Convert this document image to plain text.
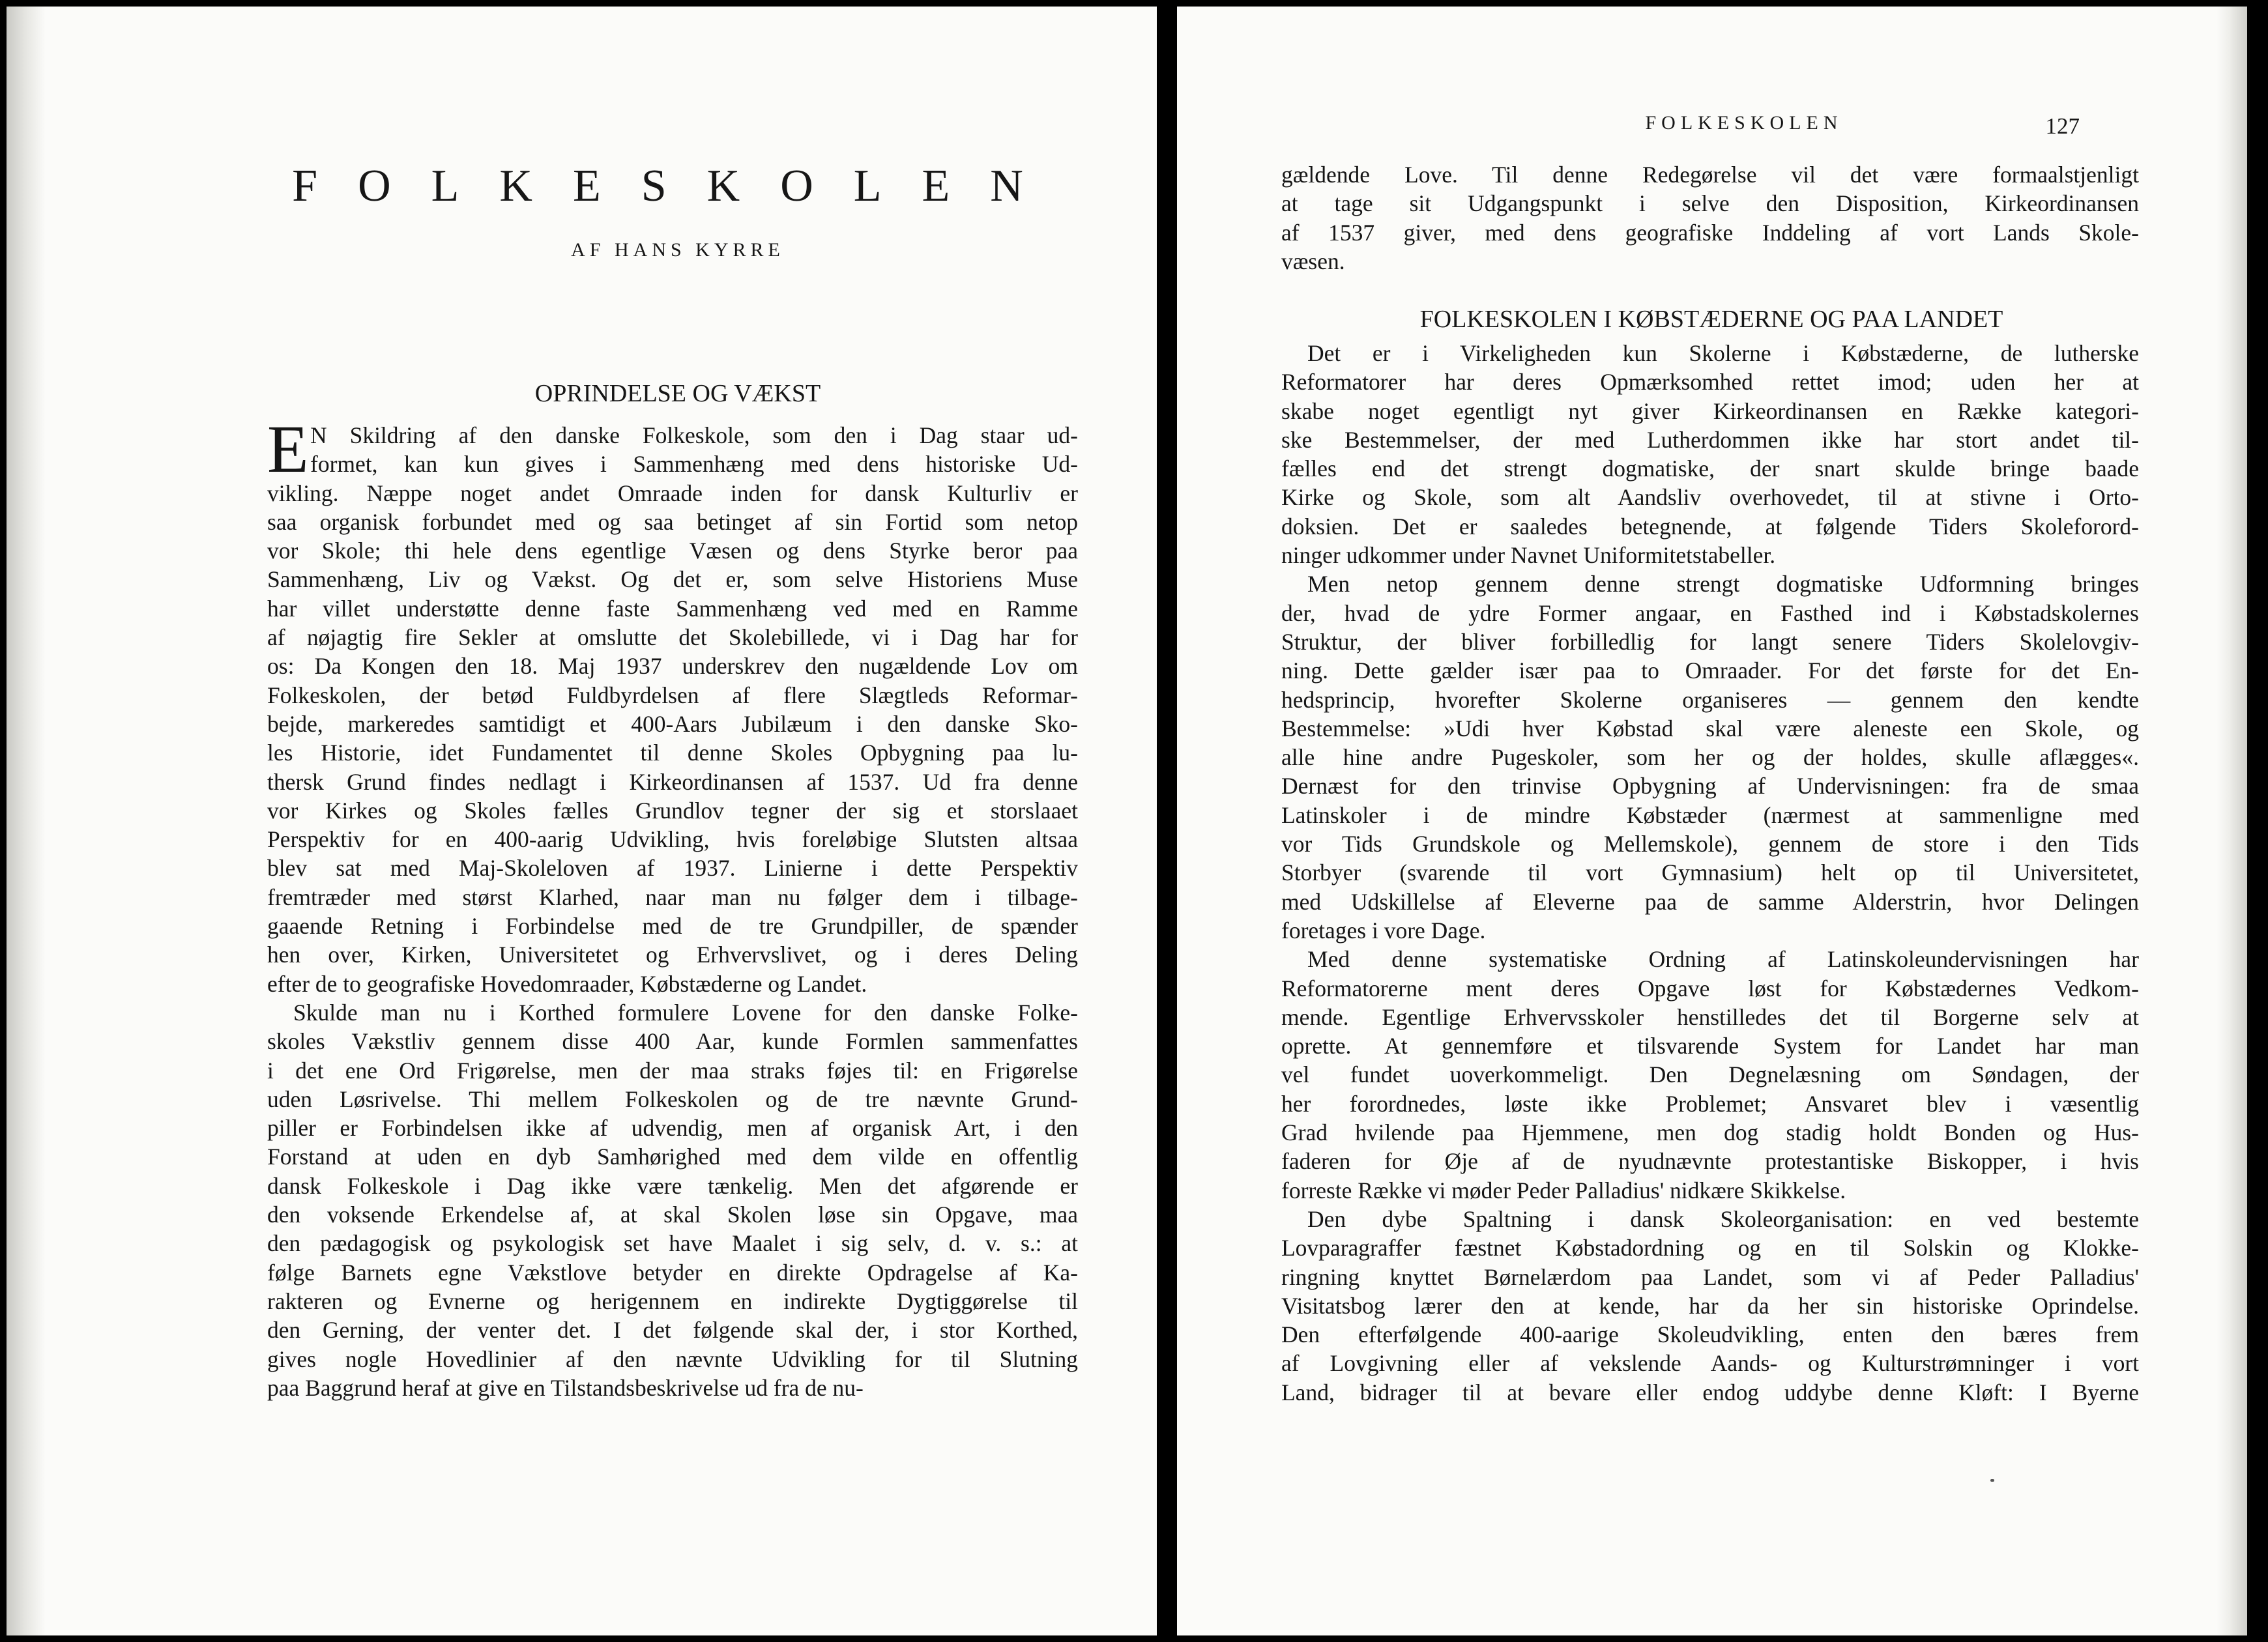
FOLKESKOLEN
AF HANS KYRRE
OPRINDELSE OG VÆKST
E N Skildring af den danske Folkeskole, som den i Dag staar ud-
formet, kan kun gives i Sammenhæng med dens historiske Ud-
vikling. Næppe noget andet Omraade inden for dansk Kulturliv er
saa organisk forbundet med og saa betinget af sin Fortid som netop
vor Skole; thi hele dens egentlige Væsen og dens Styrke beror paa
Sammenhæng, Liv og Vækst. Og det er, som selve Historiens Muse
har villet understøtte denne faste Sammenhæng ved med en Ramme
af nøjagtig fire Sekler at omslutte det Skolebillede, vi i Dag har for
os: Da Kongen den 18. Maj 1937 underskrev den nugældende Lov om
Folkeskolen, der betød Fuldbyrdelsen af flere Slægtleds Reformar-
bejde, markeredes samtidigt et 400-Aars Jubilæum i den danske Sko-
les Historie, idet Fundamentet til denne Skoles Opbygning paa lu-
thersk Grund findes nedlagt i Kirkeordinansen af 1537. Ud fra denne
vor Kirkes og Skoles fælles Grundlov tegner der sig et storslaaet
Perspektiv for en 400-aarig Udvikling, hvis foreløbige Slutsten altsaa
blev sat med Maj-Skoleloven af 1937. Linierne i dette Perspektiv
fremtræder med størst Klarhed, naar man nu følger dem i tilbage-
gaaende Retning i Forbindelse med de tre Grundpiller, de spænder
hen over, Kirken, Universitetet og Erhvervslivet, og i deres Deling
efter de to geografiske Hovedomraader, Købstæderne og Landet.
Skulde man nu i Korthed formulere Lovene for den danske Folke-
skoles Vækstliv gennem disse 400 Aar, kunde Formlen sammenfattes
i det ene Ord Frigørelse, men der maa straks føjes til: en Frigørelse
uden Løsrivelse. Thi mellem Folkeskolen og de tre nævnte Grund-
piller er Forbindelsen ikke af udvendig, men af organisk Art, i den
Forstand at uden en dyb Samhørighed med dem vilde en offentlig
dansk Folkeskole i Dag ikke være tænkelig. Men det afgørende er
den voksende Erkendelse af, at skal Skolen løse sin Opgave, maa
den pædagogisk og psykologisk set have Maalet i sig selv, d. v. s.: at
følge Barnets egne Vækstlove betyder en direkte Opdragelse af Ka-
rakteren og Evnerne og herigennem en indirekte Dygtiggørelse til
den Gerning, der venter det. I det følgende skal der, i stor Korthed,
gives nogle Hovedlinier af den nævnte Udvikling for til Slutning
paa Baggrund heraf at give en Tilstandsbeskrivelse ud fra de nu-
FOLKESKOLEN	127
gældende Love. Til denne Redegørelse vil det være formaalstjenligt
at tage sit Udgangspunkt i selve den Disposition, Kirkeordinansen
af 1537 giver, med dens geografiske Inddeling af vort Lands Skole-
væsen.
FOLKESKOLEN I KØBSTÆDERNE OG PAA LANDET
Det er i Virkeligheden kun Skolerne i Købstæderne, de lutherske
Reformatorer har deres Opmærksomhed rettet imod; uden her at
skabe noget egentligt nyt giver Kirkeordinansen en Række kategori-
ske Bestemmelser, der med Lutherdommen ikke har stort andet til-
fælles end det strengt dogmatiske, der snart skulde bringe baade
Kirke og Skole, som alt Aandsliv overhovedet, til at stivne i Orto-
doksien. Det er saaledes betegnende, at følgende Tiders Skoleforord-
ninger udkommer under Navnet Uniformitetstabeller.
Men netop gennem denne strengt dogmatiske Udformning bringes
der, hvad de ydre Former angaar, en Fasthed ind i Købstadskolernes
Struktur, der bliver forbilledlig for langt senere Tiders Skolelovgiv-
ning. Dette gælder især paa to Omraader. For det første for det En-
hedsprincip, hvorefter Skolerne organiseres — gennem den kendte
Bestemmelse: »Udi hver Købstad skal være aleneste een Skole, og
alle hine andre Pugeskoler, som her og der holdes, skulle aflægges«.
Dernæst for den trinvise Opbygning af Undervisningen: fra de smaa
Latinskoler i de mindre Købstæder (nærmest at sammenligne med
vor Tids Grundskole og Mellemskole), gennem de store i den Tids
Storbyer (svarende til vort Gymnasium) helt op til Universitetet,
med Udskillelse af Eleverne paa de samme Alderstrin, hvor Delingen
foretages i vore Dage.
Med denne systematiske Ordning af Latinskoleundervisningen har
Reformatorerne ment deres Opgave løst for Købstædernes Vedkom-
mende. Egentlige Erhvervsskoler henstilledes det til Borgerne selv at
oprette. At gennemføre et tilsvarende System for Landet har man
vel fundet uoverkommeligt. Den Degnelæsning om Søndagen, der
her forordnedes, løste ikke Problemet; Ansvaret blev i væsentlig
Grad hvilende paa Hjemmene, men dog stadig holdt Bonden og Hus-
faderen for Øje af de nyudnævnte protestantiske Biskopper, i hvis
forreste Række vi møder Peder Palladius' nidkære Skikkelse.
Den dybe Spaltning i dansk Skoleorganisation: en ved bestemte
Lovparagraffer fæstnet Købstadordning og en til Solskin og Klokke-
ringning knyttet Børnelærdom paa Landet, som vi af Peder Palladius'
Visitatsbog lærer den at kende, har da her sin historiske Oprindelse.
Den efterfølgende 400-aarige Skoleudvikling, enten den bæres frem
af Lovgivning eller af vekslende Aands- og Kulturstrømninger i vort
Land, bidrager til at bevare eller endog uddybe denne Kløft: I Byerne
